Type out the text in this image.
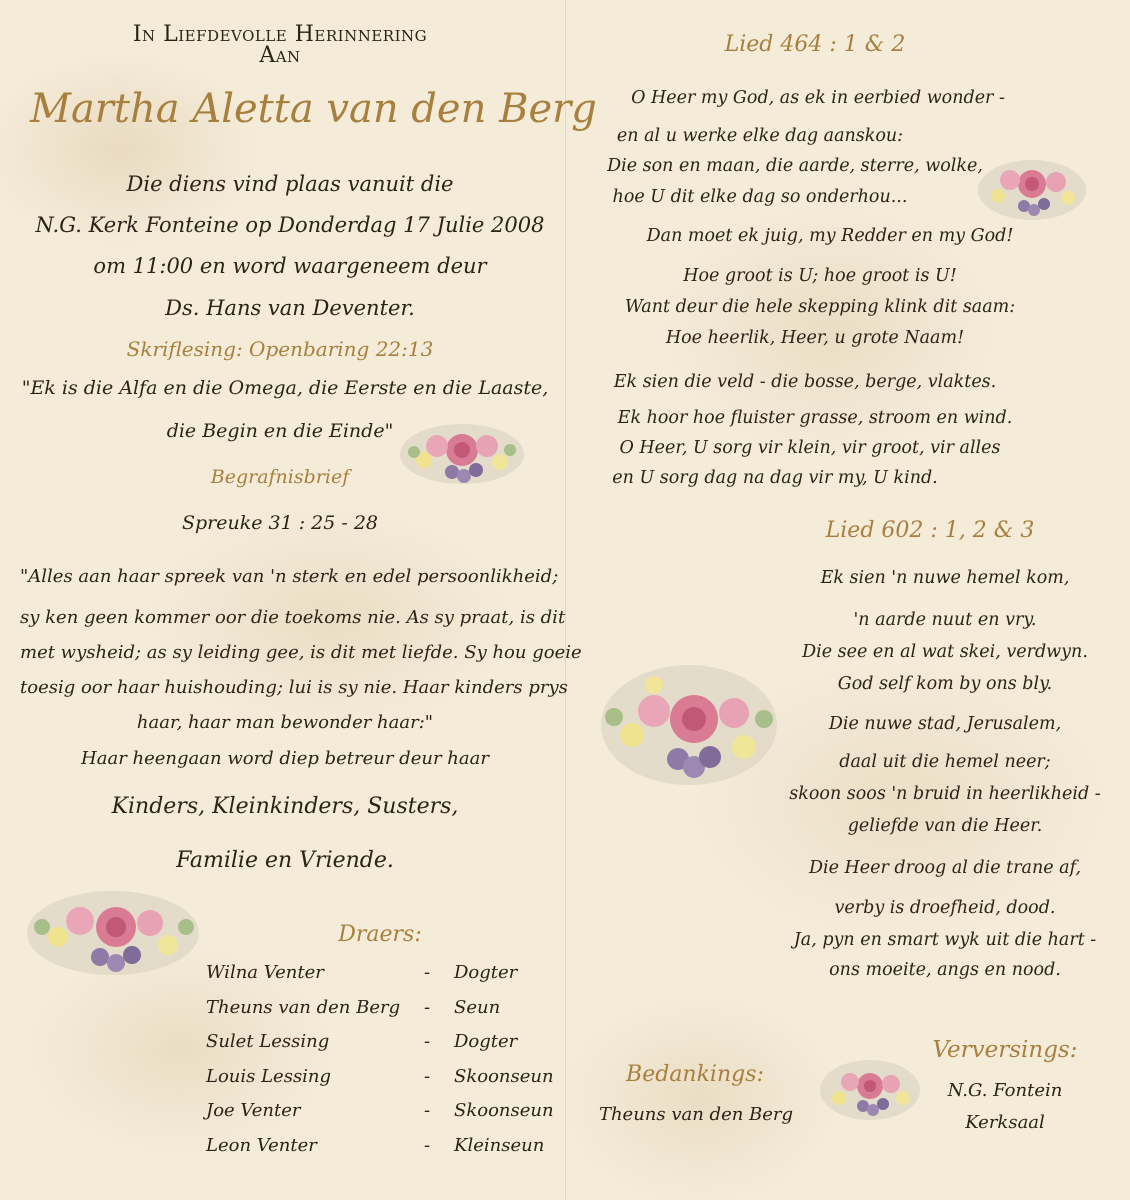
In Liefdevolle Herinnering
Aan
Martha Aletta van den Berg
Die diens vind plaas vanuit die
N.G. Kerk Fonteine op Donderdag 17 Julie 2008
om 11:00 en word waargeneem deur
Ds. Hans van Deventer.
Skriflesing: Openbaring 22:13
"Ek is die Alfa en die Omega, die Eerste en die Laaste,
die Begin en die Einde"
Begrafnisbrief
Spreuke 31 : 25 - 28
"Alles aan haar spreek van 'n sterk en edel persoonlikheid;
sy ken geen kommer oor die toekoms nie. As sy praat, is dit
met wysheid; as sy leiding gee, is dit met liefde. Sy hou goeie
toesig oor haar huishouding; lui is sy nie. Haar kinders prys
haar, haar man bewonder haar:"
Haar heengaan word diep betreur deur haar
Kinders, Kleinkinders, Susters,
Familie en Vriende.
Draers:
Wilna Venter	- Dogter
Theuns van den Berg - Seun
Sulet Lessing	- Dogter
Louis Lessing	- Skoonseun
Joe Venter	- Skoonseun
Leon Venter	- Kleinseun
Lied 464 : 1 & 2
O Heer my God, as ek in eerbied wonder -
en al u werke elke dag aanskou:
Die son en maan, die aarde, sterre, wolke,
hoe U dit elke dag so onderhou...
Dan moet ek juig, my Redder en my God!
Hoe groot is U; hoe groot is U!
Want deur die hele skepping klink dit saam:
Hoe heerlik, Heer, u grote Naam!
Ek sien die veld - die bosse, berge, vlaktes.
Ek hoor hoe fluister grasse, stroom en wind.
O Heer, U sorg vir klein, vir groot, vir alles
en U sorg dag na dag vir my, U kind.
Lied 602 : 1, 2 & 3
Ek sien 'n nuwe hemel kom,
'n aarde nuut en vry.
Die see en al wat skei, verdwyn.
God self kom by ons bly.
Die nuwe stad, Jerusalem,
daal uit die hemel neer;
skoon soos 'n bruid in heerlikheid -
geliefde van die Heer.
Die Heer droog al die trane af,
verby is droefheid, dood.
Ja, pyn en smart wyk uit die hart -
ons moeite, angs en nood.
Bedankings:
Theuns van den Berg
Verversings:
N.G. Fontein
Kerksaal
